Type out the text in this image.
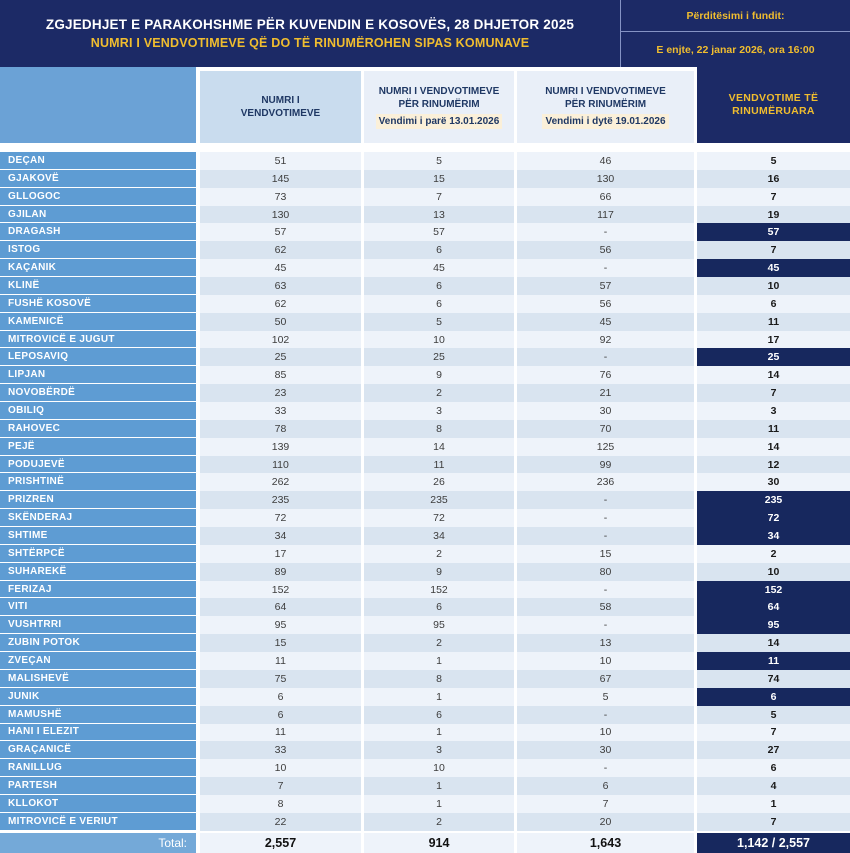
ZGJEDHJET E PARAKOHSHME PËR KUVENDIN E KOSOVËS, 28 DHJETOR 2025
NUMRI I VENDVOTIMEVE QË DO TË RINUMËROHEN SIPAS KOMUNAVE
Përditësimi i fundit:
E enjte, 22 janar 2026, ora 16:00
NUMRI I
VENDVOTIMEVE
NUMRI I VENDVOTIMEVE
PËR RINUMËRIM
Vendimi i parë 13.01.2026
NUMRI I VENDVOTIMEVE
PËR RINUMËRIM
Vendimi i dytë 19.01.2026
VENDVOTIME TË
RINUMËRUARA
DEÇAN	51	5	46	5
GJAKOVË	145	15	130	16
GLLOGOC	73	7	66	7
GJILAN	130	13	117	19
DRAGASH	57	57	-	57
ISTOG	62	6	56	7
KAÇANIK	45	45	-	45
KLINË	63	6	57	10
FUSHË KOSOVË	62	6	56	6
KAMENICË	50	5	45	11
MITROVICË E JUGUT	102	10	92	17
LEPOSAVIQ	25	25	-	25
LIPJAN	85	9	76	14
NOVOBËRDË	23	2	21	7
OBILIQ	33	3	30	3
RAHOVEC	78	8	70	11
PEJË	139	14	125	14
PODUJEVË	110	11	99	12
PRISHTINË	262	26	236	30
PRIZREN	235	235	-	235
SKËNDERAJ	72	72	-	72
SHTIME	34	34	-	34
SHTËRPCË	17	2	15	2
SUHAREKË	89	9	80	10
FERIZAJ	152	152	-	152
VITI	64	6	58	64
VUSHTRRI	95	95	-	95
ZUBIN POTOK	15	2	13	14
ZVEÇAN	11	1	10	11
MALISHEVË	75	8	67	74
JUNIK	6	1	5	6
MAMUSHË	6	6	-	5
HANI I ELEZIT	11	1	10	7
GRAÇANICË	33	3	30	27
RANILLUG	10	10	-	6
PARTESH	7	1	6	4
KLLOKOT	8	1	7	1
MITROVICË E VERIUT	22	2	20	7
Total:	2,557	914	1,643	1,142 / 2,557
